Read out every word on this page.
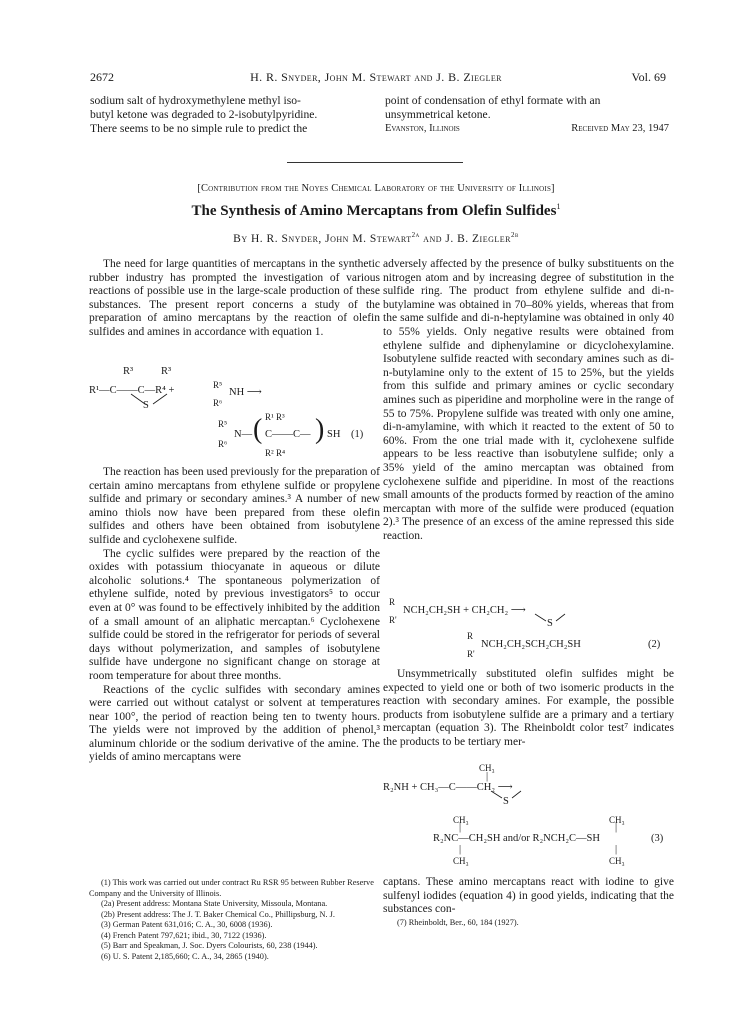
2672	H. R. Snyder, John M. Stewart and J. B. Ziegler	Vol. 69
sodium salt of hydroxymethylene methyl iso-
butyl ketone was degraded to 2-isobutylpyridine.
There seems to be no simple rule to predict the
point of condensation of ethyl formate with an
unsymmetrical ketone.
Evanston, Illinois	Received May 23, 1947
[Contribution from the Noyes Chemical Laboratory of the University of Illinois]
The Synthesis of Amino Mercaptans from Olefin Sulfides$^1$
By H. R. Snyder, John M. Stewart$^{2a}$ and J. B. Ziegler$^{2b}$

The need for large quantities of mercaptans in the synthetic rubber industry has prompted the investigation of various reactions of possible use in the large-scale production of these substances. The present report concerns a study of the preparation of amino mercaptans by the reaction of olefin sulfides and amines in accordance with equation 1.

R³	R³
R¹—C——C—R⁴ +
S
R⁵
NH ⟶
R⁶
R⁵
N—
R⁶ ( R¹ R³
C——C—
R² R⁴
) SH (1)

The reaction has been used previously for the preparation of certain amino mercaptans from ethylene sulfide or propylene sulfide and primary or secondary amines.³ A number of new amino thiols now have been prepared from these olefin sulfides and others have been obtained from isobutylene sulfide and cyclohexene sulfide.

The cyclic sulfides were prepared by the reaction of the oxides with potassium thiocyanate in aqueous or dilute alcoholic solutions.⁴ The spontaneous polymerization of ethylene sulfide, noted by previous investigators⁵ to occur even at 0° was found to be effectively inhibited by the addition of a small amount of an aliphatic mercaptan.⁶ Cyclohexene sulfide could be stored in the refrigerator for periods of several days without polymerization, and samples of isobutylene sulfide have undergone no significant change on storage at room temperature for about three months.

Reactions of the cyclic sulfides with secondary amines were carried out without catalyst or solvent at temperatures near 100°, the period of reaction being ten to twenty hours. The yields were not improved by the addition of phenol,³ aluminum chloride or the sodium derivative of the amine. The yields of amino mercaptans were

(1) This work was carried out under contract Ru RSR 95 between Rubber Reserve Company and the University of Illinois.
(2a) Present address: Montana State University, Missoula, Montana.
(2b) Present address: The J. T. Baker Chemical Co., Phillipsburg, N. J.
(3) German Patent 631,016; C. A., 30, 6008 (1936).
(4) French Patent 797,621; ibid., 30, 7122 (1936).
(5) Barr and Speakman, J. Soc. Dyers Colourists, 60, 238 (1944).
(6) U. S. Patent 2,185,660; C. A., 34, 2865 (1940).

adversely affected by the presence of bulky substituents on the nitrogen atom and by increasing degree of substitution in the sulfide ring. The product from ethylene sulfide and di-n-butylamine was obtained in 70–80% yields, whereas that from the same sulfide and di-n-heptylamine was obtained in only 40 to 55% yields. Only negative results were obtained from ethylene sulfide and diphenylamine or dicyclohexylamine. Isobutylene sulfide reacted with secondary amines such as di-n-butylamine only to the extent of 15 to 25%, but the yields from this sulfide and primary amines or cyclic secondary amines such as piperidine and morpholine were in the range of 55 to 75%. Propylene sulfide was treated with only one amine, di-n-amylamine, with which it reacted to the extent of 50 to 60%. From the one trial made with it, cyclohexene sulfide appears to be less reactive than isobutylene sulfide; only a 35% yield of the amino mercaptan was obtained from cyclohexene sulfide and piperidine. In most of the reactions small amounts of the products formed by reaction of the amino mercaptan with more of the sulfide were produced (equation 2).³ The presence of an excess of the amine repressed this side reaction.

R
R'
NCH₂CH₂SH + CH₂CH₂ ⟶
S
R
R'
NCH₂CH₂SCH₂CH₂SH	(2)

Unsymmetrically substituted olefin sulfides might be expected to yield one or both of two isomeric products in the reaction with secondary amines. For example, the possible products from isobutylene sulfide are a primary and a tertiary mercaptan (equation 3). The Rheinboldt color test⁷ indicates the products to be tertiary mer-

CH₃
|
R₂NH + CH₃—C——CH₂ ⟶
S
CH₃	CH₃
|	|
R₂NC—CH₂SH and/or R₂NCH₂C—SH
|	|
CH₃	CH₃
(3)

captans. These amino mercaptans react with iodine to give sulfenyl iodides (equation 4) in good yields, indicating that the substances con-

(7) Rheinboldt, Ber., 60, 184 (1927).
